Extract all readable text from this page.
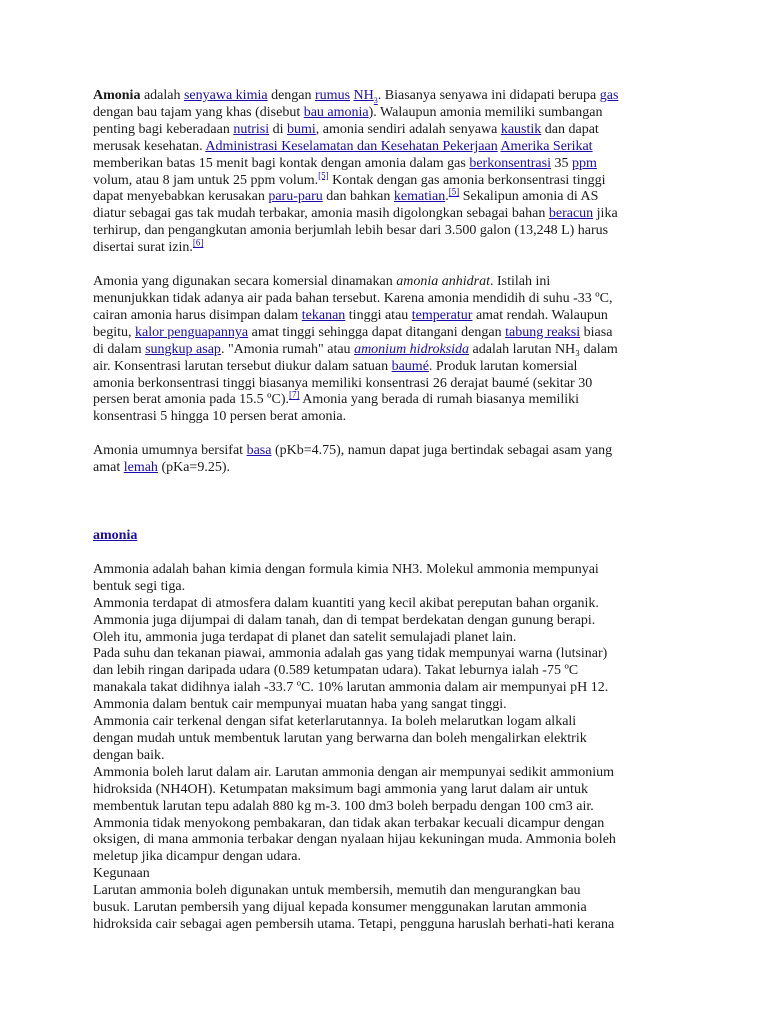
Amonia adalah senyawa kimia dengan rumus $NH_3$. Biasanya senyawa ini didapati berupa gas
dengan bau tajam yang khas (disebut bau amonia). Walaupun amonia memiliki sumbangan
penting bagi keberadaan nutrisi di bumi, amonia sendiri adalah senyawa kaustik dan dapat
merusak kesehatan. Administrasi Keselamatan dan Kesehatan Pekerjaan Amerika Serikat
memberikan batas 15 menit bagi kontak dengan amonia dalam gas berkonsentrasi 35 ppm
volum, atau 8 jam untuk 25 ppm volum.[5] Kontak dengan gas amonia berkonsentrasi tinggi
dapat menyebabkan kerusakan paru-paru dan bahkan kematian.[5] Sekalipun amonia di AS
diatur sebagai gas tak mudah terbakar, amonia masih digolongkan sebagai bahan beracun jika
terhirup, dan pengangkutan amonia berjumlah lebih besar dari 3.500 galon (13,248 L) harus
disertai surat izin.[6]
Amonia yang digunakan secara komersial dinamakan amonia anhidrat. Istilah ini
menunjukkan tidak adanya air pada bahan tersebut. Karena amonia mendidih di suhu -33 ºC,
cairan amonia harus disimpan dalam tekanan tinggi atau temperatur amat rendah. Walaupun
begitu, kalor penguapannya amat tinggi sehingga dapat ditangani dengan tabung reaksi biasa
di dalam sungkup asap. "Amonia rumah" atau amonium hidroksida adalah larutan NH₃ dalam
air. Konsentrasi larutan tersebut diukur dalam satuan baumé. Produk larutan komersial
amonia berkonsentrasi tinggi biasanya memiliki konsentrasi 26 derajat baumé (sekitar 30
persen berat amonia pada 15.5 ºC).[7] Amonia yang berada di rumah biasanya memiliki
konsentrasi 5 hingga 10 persen berat amonia.
Amonia umumnya bersifat basa (pKb=4.75), namun dapat juga bertindak sebagai asam yang
amat lemah (pKa=9.25).

amonia

Ammonia adalah bahan kimia dengan formula kimia NH3. Molekul ammonia mempunyai
bentuk segi tiga.
Ammonia terdapat di atmosfera dalam kuantiti yang kecil akibat pereputan bahan organik.
Ammonia juga dijumpai di dalam tanah, dan di tempat berdekatan dengan gunung berapi.
Oleh itu, ammonia juga terdapat di planet dan satelit semulajadi planet lain.
Pada suhu dan tekanan piawai, ammonia adalah gas yang tidak mempunyai warna (lutsinar)
dan lebih ringan daripada udara (0.589 ketumpatan udara). Takat leburnya ialah -75 ºC
manakala takat didihnya ialah -33.7 ºC. 10% larutan ammonia dalam air mempunyai pH 12.
Ammonia dalam bentuk cair mempunyai muatan haba yang sangat tinggi.
Ammonia cair terkenal dengan sifat keterlarutannya. Ia boleh melarutkan logam alkali
dengan mudah untuk membentuk larutan yang berwarna dan boleh mengalirkan elektrik
dengan baik.
Ammonia boleh larut dalam air. Larutan ammonia dengan air mempunyai sedikit ammonium
hidroksida (NH4OH). Ketumpatan maksimum bagi ammonia yang larut dalam air untuk
membentuk larutan tepu adalah 880 kg m-3. 100 dm3 boleh berpadu dengan 100 cm3 air.
Ammonia tidak menyokong pembakaran, dan tidak akan terbakar kecuali dicampur dengan
oksigen, di mana ammonia terbakar dengan nyalaan hijau kekuningan muda. Ammonia boleh
meletup jika dicampur dengan udara.
Kegunaan
Larutan ammonia boleh digunakan untuk membersih, memutih dan mengurangkan bau
busuk. Larutan pembersih yang dijual kepada konsumer menggunakan larutan ammonia
hidroksida cair sebagai agen pembersih utama. Tetapi, pengguna haruslah berhati-hati kerana
